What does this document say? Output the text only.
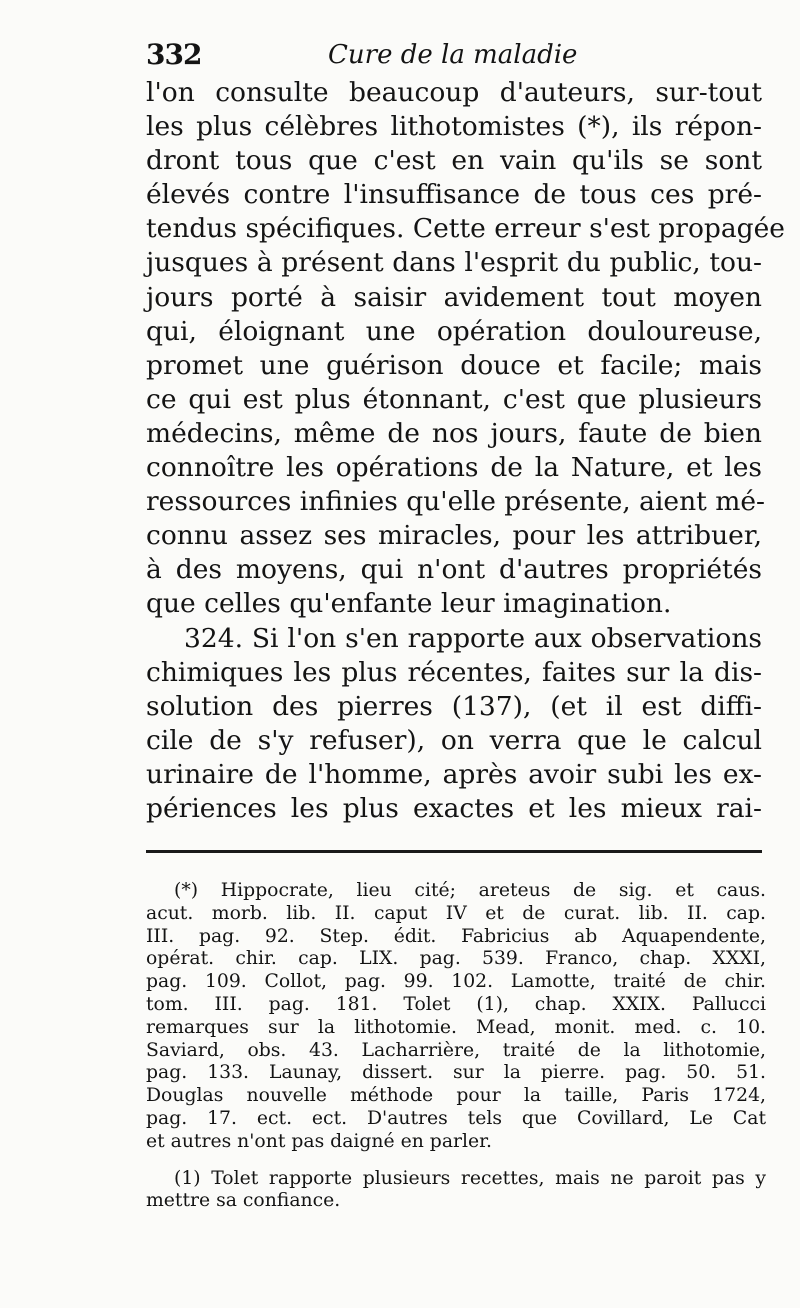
332	Cure de la maladie
l'on consulte beaucoup d'auteurs, sur-tout
les plus célèbres lithotomistes (*), ils répon-
dront tous que c'est en vain qu'ils se sont
élevés contre l'insuffisance de tous ces pré-
tendus spécifiques. Cette erreur s'est propagée
jusques à présent dans l'esprit du public, tou-
jours porté à saisir avidement tout moyen
qui, éloignant une opération douloureuse,
promet une guérison douce et facile; mais
ce qui est plus étonnant, c'est que plusieurs
médecins, même de nos jours, faute de bien
connoître les opérations de la Nature, et les
ressources infinies qu'elle présente, aient mé-
connu assez ses miracles, pour les attribuer,
à des moyens, qui n'ont d'autres propriétés
que celles qu'enfante leur imagination.
324. Si l'on s'en rapporte aux observations
chimiques les plus récentes, faites sur la dis-
solution des pierres (137), (et il est diffi-
cile de s'y refuser), on verra que le calcul
urinaire de l'homme, après avoir subi les ex-
périences les plus exactes et les mieux rai-
(*) Hippocrate, lieu cité; areteus de sig. et caus.
acut. morb. lib. II. caput IV et de curat. lib. II. cap.
III. pag. 92. Step. édit. Fabricius ab Aquapendente,
opérat. chir. cap. LIX. pag. 539. Franco, chap. XXXI,
pag. 109. Collot, pag. 99. 102. Lamotte, traité de chir.
tom. III. pag. 181. Tolet (1), chap. XXIX. Pallucci
remarques sur la lithotomie. Mead, monit. med. c. 10.
Saviard, obs. 43. Lacharrière, traité de la lithotomie,
pag. 133. Launay, dissert. sur la pierre. pag. 50. 51.
Douglas nouvelle méthode pour la taille, Paris 1724,
pag. 17. ect. ect. D'autres tels que Covillard, Le Cat
et autres n'ont pas daigné en parler.
(1) Tolet rapporte plusieurs recettes, mais ne paroit pas y
mettre sa confiance.
